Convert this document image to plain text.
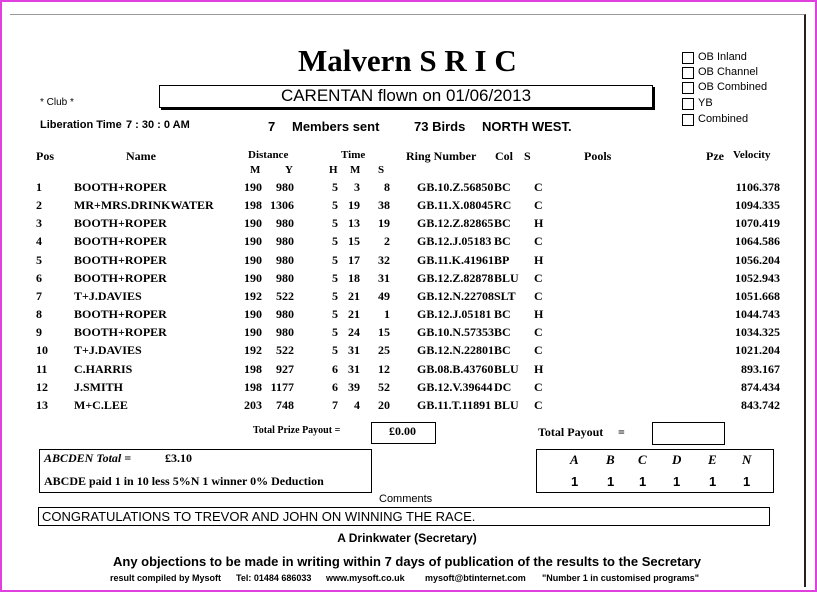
Malvern S R I C	OB Inland
OB Channel
OB Combined
YB
Combined
* Club *	CARENTAN flown on 01/06/2013
Liberation Time 7 : 30 : 0 AM	7 Members sent	73 Birds NORTH WEST.
Pos	Name	Distance
M Y
Time
H M S
Ring Number Col S	Pools	Pze Velocity
1	BOOTH+ROPER	190	980	5	3	8 GB.10.Z.56850 BC	C	1106.378
2	MR+MRS.DRINKWATER	198 1306	5 19	38 GB.11.X.08045 RC	C	1094.335
3	BOOTH+ROPER	190	980	5 13	19 GB.12.Z.82865 BC	H	1070.419
4	BOOTH+ROPER	190	980	5 15	2 GB.12.J.05183 BC	C	1064.586
5	BOOTH+ROPER	190	980	5 17	32 GB.11.K.41961 BP	H	1056.204
6	BOOTH+ROPER	190	980	5 18	31 GB.12.Z.82878 BLU	C	1052.943
7	T+J.DAVIES	192	522	5 21	49 GB.12.N.22708 SLT	C	1051.668
8	BOOTH+ROPER	190	980	5 21	1 GB.12.J.05181 BC	H	1044.743
9	BOOTH+ROPER	190	980	5 24	15 GB.10.N.57353 BC	C	1034.325
10	T+J.DAVIES	192	522	5 31	25 GB.12.N.22801 BC	C	1021.204
11	C.HARRIS	198	927	6 31	12 GB.08.B.43760 BLU	H	893.167
12	J.SMITH	198 1177	6 39	52 GB.12.V.39644 DC	C	874.434
13	M+C.LEE	203	748	7	4	20 GB.11.T.11891 BLU	C	843.742
Total Prize Payout =	£0.00	Total Payout =
ABCDEN Total =	£3.10
ABCDE paid 1 in 10 less 5%N 1 winner 0% Deduction
A
1
B
1
C
1
D
1
E
1
N
1
Comments
CONGRATULATIONS TO TREVOR AND JOHN ON WINNING THE RACE.
A Drinkwater (Secretary)
Any objections to be made in writing within 7 days of publication of the results to the Secretary
result compiled by Mysoft Tel: 01484 686033 www.mysoft.co.uk mysoft@btinternet.com "Number 1 in customised programs"
